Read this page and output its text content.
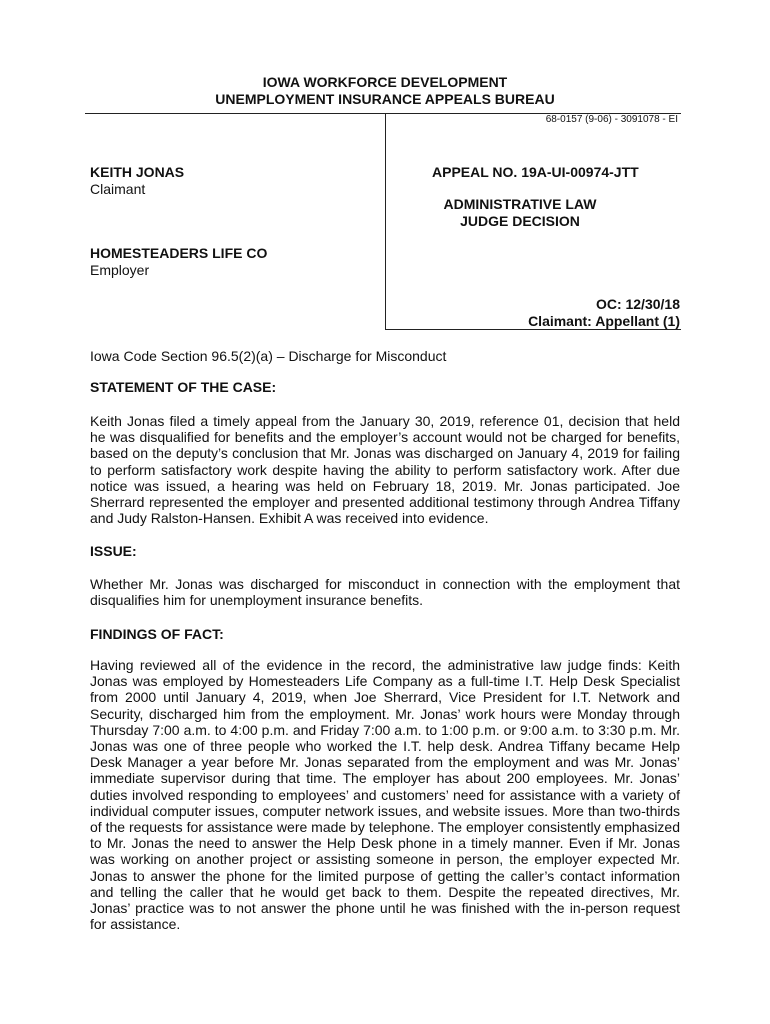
IOWA WORKFORCE DEVELOPMENT
UNEMPLOYMENT INSURANCE APPEALS BUREAU
68-0157 (9-06) - 3091078 - EI
KEITH JONAS
Claimant
HOMESTEADERS LIFE CO
Employer
APPEAL NO. 19A-UI-00974-JTT
ADMINISTRATIVE LAW JUDGE DECISION
OC: 12/30/18
Claimant: Appellant (1)
Iowa Code Section 96.5(2)(a) – Discharge for Misconduct
STATEMENT OF THE CASE:
Keith Jonas filed a timely appeal from the January 30, 2019, reference 01, decision that held he was disqualified for benefits and the employer’s account would not be charged for benefits, based on the deputy’s conclusion that Mr. Jonas was discharged on January 4, 2019 for failing to perform satisfactory work despite having the ability to perform satisfactory work. After due notice was issued, a hearing was held on February 18, 2019. Mr. Jonas participated. Joe Sherrard represented the employer and presented additional testimony through Andrea Tiffany and Judy Ralston-Hansen. Exhibit A was received into evidence.
ISSUE:
Whether Mr. Jonas was discharged for misconduct in connection with the employment that disqualifies him for unemployment insurance benefits.
FINDINGS OF FACT:
Having reviewed all of the evidence in the record, the administrative law judge finds: Keith Jonas was employed by Homesteaders Life Company as a full-time I.T. Help Desk Specialist from 2000 until January 4, 2019, when Joe Sherrard, Vice President for I.T. Network and Security, discharged him from the employment. Mr. Jonas’ work hours were Monday through Thursday 7:00 a.m. to 4:00 p.m. and Friday 7:00 a.m. to 1:00 p.m. or 9:00 a.m. to 3:30 p.m. Mr. Jonas was one of three people who worked the I.T. help desk. Andrea Tiffany became Help Desk Manager a year before Mr. Jonas separated from the employment and was Mr. Jonas’ immediate supervisor during that time. The employer has about 200 employees. Mr. Jonas’ duties involved responding to employees’ and customers’ need for assistance with a variety of individual computer issues, computer network issues, and website issues. More than two-thirds of the requests for assistance were made by telephone. The employer consistently emphasized to Mr. Jonas the need to answer the Help Desk phone in a timely manner. Even if Mr. Jonas was working on another project or assisting someone in person, the employer expected Mr. Jonas to answer the phone for the limited purpose of getting the caller’s contact information and telling the caller that he would get back to them. Despite the repeated directives, Mr. Jonas’ practice was to not answer the phone until he was finished with the in-person request for assistance.
